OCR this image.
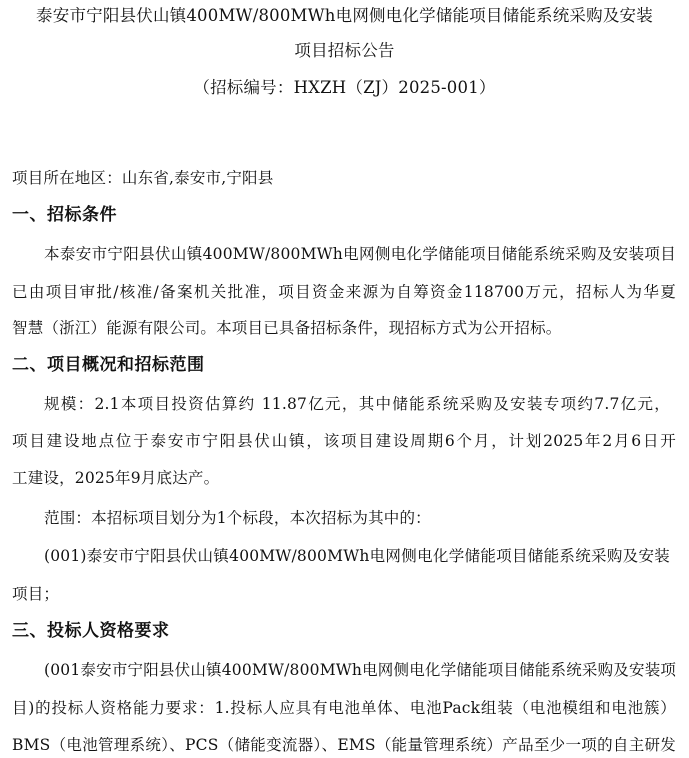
泰安市宁阳县伏山镇400MW/800MWh电网侧电化学储能项目储能系统采购及安装
项目招标公告
（招标编号：HXZH（ZJ）2025-001）
项目所在地区：山东省,泰安市,宁阳县
一、招标条件
本泰安市宁阳县伏山镇400MW/800MWh电网侧电化学储能项目储能系统采购及安装项目
已由项目审批/核准/备案机关批准，项目资金来源为自筹资金118700万元，招标人为华夏
智慧（浙江）能源有限公司。本项目已具备招标条件，现招标方式为公开招标。
二、项目概况和招标范围
规模：2.1本项目投资估算约 11.87亿元，其中储能系统采购及安装专项约7.7亿元，
项目建设地点位于泰安市宁阳县伏山镇，该项目建设周期6个月，计划2025年2月6日开
工建设，2025年9月底达产。
范围：本招标项目划分为1个标段，本次招标为其中的：
(001)泰安市宁阳县伏山镇400MW/800MWh电网侧电化学储能项目储能系统采购及安装
项目；
三、投标人资格要求
(001泰安市宁阳县伏山镇400MW/800MWh电网侧电化学储能项目储能系统采购及安装项
目)的投标人资格能力要求：1.投标人应具有电池单体、电池Pack组装（电池模组和电池簇）
BMS（电池管理系统）、PCS（储能变流器）、EMS（能量管理系统）产品至少一项的自主研发
